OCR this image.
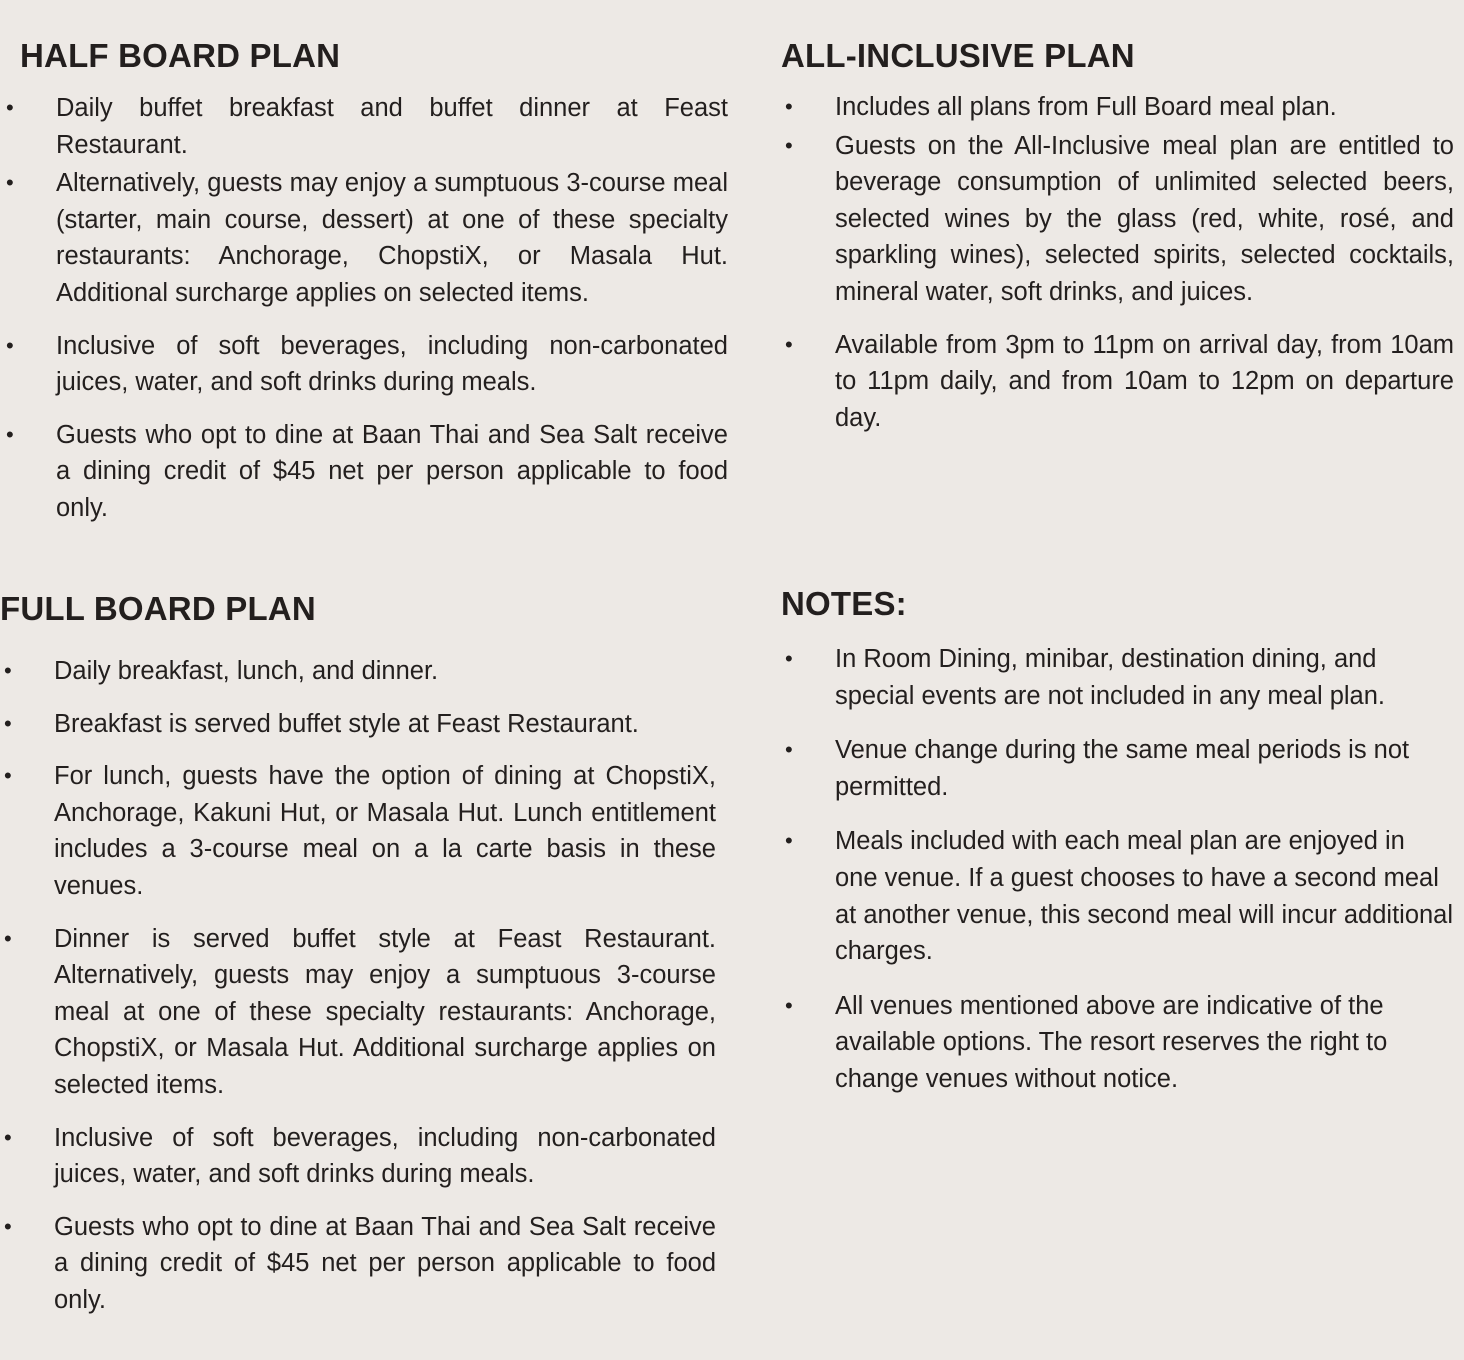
HALF BOARD PLAN
• Daily buffet breakfast and buffet dinner at Feast Restaurant.
• Alternatively, guests may enjoy a sumptuous 3-course meal (starter, main course, dessert) at one of these specialty restaurants: Anchorage, ChopstiX, or Masala Hut. Additional surcharge applies on selected items.
• Inclusive of soft beverages, including non-carbonated juices, water, and soft drinks during meals.
• Guests who opt to dine at Baan Thai and Sea Salt receive a dining credit of $45 net per person applicable to food only.
FULL BOARD PLAN
• Daily breakfast, lunch, and dinner.
• Breakfast is served buffet style at Feast Restaurant.
• For lunch, guests have the option of dining at ChopstiX, Anchorage, Kakuni Hut, or Masala Hut. Lunch entitlement includes a 3-course meal on a la carte basis in these venues.
• Dinner is served buffet style at Feast Restaurant. Alternatively, guests may enjoy a sumptuous 3-course meal at one of these specialty restaurants: Anchorage, ChopstiX, or Masala Hut. Additional surcharge applies on selected items.
• Inclusive of soft beverages, including non-carbonated juices, water, and soft drinks during meals.
• Guests who opt to dine at Baan Thai and Sea Salt receive a dining credit of $45 net per person applicable to food only.
ALL-INCLUSIVE PLAN
• Includes all plans from Full Board meal plan.
• Guests on the All-Inclusive meal plan are entitled to beverage consumption of unlimited selected beers, selected wines by the glass (red, white, rosé, and sparkling wines), selected spirits, selected cocktails, mineral water, soft drinks, and juices.
• Available from 3pm to 11pm on arrival day, from 10am to 11pm daily, and from 10am to 12pm on departure day.
NOTES:
• In Room Dining, minibar, destination dining, and special events are not included in any meal plan.
• Venue change during the same meal periods is not permitted.
• Meals included with each meal plan are enjoyed in one venue. If a guest chooses to have a second meal at another venue, this second meal will incur additional charges.
• All venues mentioned above are indicative of the available options. The resort reserves the right to change venues without notice.
